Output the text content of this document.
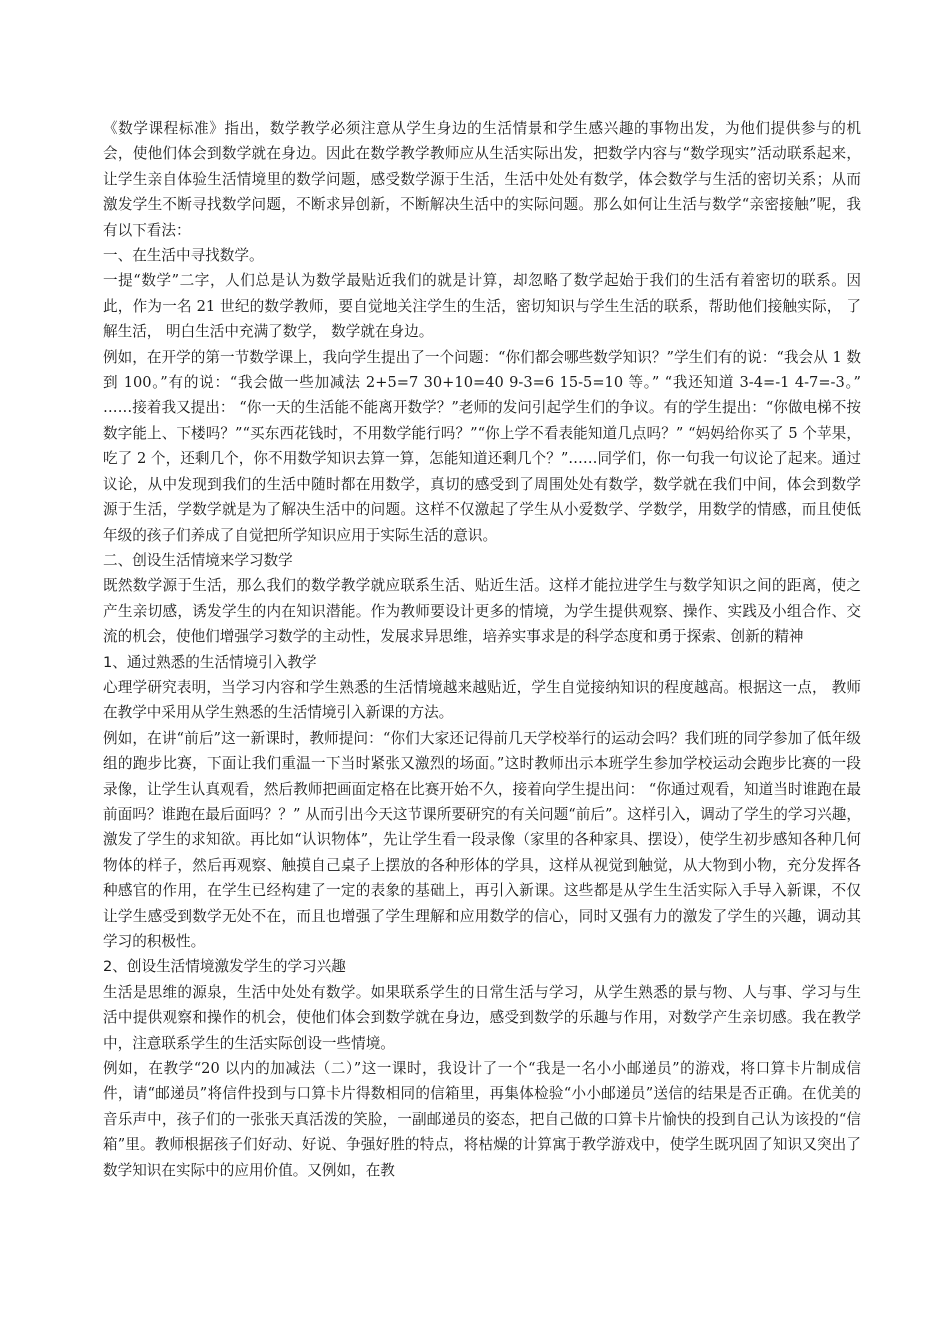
《数学课程标准》指出，数学教学必须注意从学生身边的生活情景和学生感兴趣的事物出发，为他们提供参与的机会，使他们体会到数学就在身边。因此在数学教学教师应从生活实际出发，把数学内容与“数学现实”活动联系起来，让学生亲自体验生活情境里的数学问题，感受数学源于生活，生活中处处有数学，体会数学与生活的密切关系；从而激发学生不断寻找数学问题，不断求异创新，不断解决生活中的实际问题。那么如何让生活与数学“亲密接触”呢，我有以下看法：

一、在生活中寻找数学。

一提“数学”二字，人们总是认为数学最贴近我们的就是计算，却忽略了数学起始于我们的生活有着密切的联系。因此，作为一名 21 世纪的数学教师，要自觉地关注学生的生活，密切知识与学生生活的联系，帮助他们接触实际， 了解生活， 明白生活中充满了数学， 数学就在身边。

例如，在开学的第一节数学课上，我向学生提出了一个问题：“你们都会哪些数学知识？”学生们有的说：“我会从 1 数到 100。”有的说：“我会做一些加减法 2+5=7 30+10=40 9-3=6 15-5=10 等。” “我还知道 3-4=-1 4-7=-3。” ……接着我又提出： “你一天的生活能不能离开数学？”老师的发问引起学生们的争议。有的学生提出：“你做电梯不按数字能上、下楼吗？”“买东西花钱时，不用数学能行吗？”“你上学不看表能知道几点吗？” “妈妈给你买了 5 个苹果，吃了 2 个，还剩几个，你不用数学知识去算一算，怎能知道还剩几个？”……同学们，你一句我一句议论了起来。通过议论，从中发现到我们的生活中随时都在用数学，真切的感受到了周围处处有数学，数学就在我们中间，体会到数学源于生活，学数学就是为了解决生活中的问题。这样不仅激起了学生从小爱数学、学数学，用数学的情感，而且使低年级的孩子们养成了自觉把所学知识应用于实际生活的意识。

二、创设生活情境来学习数学

既然数学源于生活，那么我们的数学教学就应联系生活、贴近生活。这样才能拉进学生与数学知识之间的距离，使之产生亲切感，诱发学生的内在知识潜能。作为教师要设计更多的情境，为学生提供观察、操作、实践及小组合作、交流的机会，使他们增强学习数学的主动性，发展求异思维，培养实事求是的科学态度和勇于探索、创新的精神

1、通过熟悉的生活情境引入教学

心理学研究表明，当学习内容和学生熟悉的生活情境越来越贴近，学生自觉接纳知识的程度越高。根据这一点， 教师在教学中采用从学生熟悉的生活情境引入新课的方法。

例如，在讲“前后”这一新课时，教师提问：“你们大家还记得前几天学校举行的运动会吗？我们班的同学参加了低年级组的跑步比赛，下面让我们重温一下当时紧张又激烈的场面。”这时教师出示本班学生参加学校运动会跑步比赛的一段录像，让学生认真观看，然后教师把画面定格在比赛开始不久，接着向学生提出问： “你通过观看，知道当时谁跑在最前面吗？谁跑在最后面吗？？” 从而引出今天这节课所要研究的有关问题“前后”。这样引入，调动了学生的学习兴趣，激发了学生的求知欲。再比如“认识物体”，先让学生看一段录像（家里的各种家具、摆设），使学生初步感知各种几何物体的样子，然后再观察、触摸自己桌子上摆放的各种形体的学具，这样从视觉到触觉，从大物到小物，充分发挥各种感官的作用，在学生已经构建了一定的表象的基础上，再引入新课。这些都是从学生生活实际入手导入新课，不仅让学生感受到数学无处不在，而且也增强了学生理解和应用数学的信心，同时又强有力的激发了学生的兴趣，调动其学习的积极性。

2、创设生活情境激发学生的学习兴趣

生活是思维的源泉，生活中处处有数学。如果联系学生的日常生活与学习，从学生熟悉的景与物、人与事、学习与生活中提供观察和操作的机会，使他们体会到数学就在身边，感受到数学的乐趣与作用，对数学产生亲切感。我在教学中，注意联系学生的生活实际创设一些情境。

例如，在教学“20 以内的加减法（二）”这一课时，我设计了一个“我是一名小小邮递员”的游戏，将口算卡片制成信件，请“邮递员”将信件投到与口算卡片得数相同的信箱里，再集体检验“小小邮递员”送信的结果是否正确。在优美的音乐声中，孩子们的一张张天真活泼的笑脸，一副邮递员的姿态，把自己做的口算卡片愉快的投到自己认为该投的“信箱”里。教师根据孩子们好动、好说、争强好胜的特点，将枯燥的计算寓于教学游戏中，使学生既巩固了知识又突出了数学知识在实际中的应用价值。又例如，在教
